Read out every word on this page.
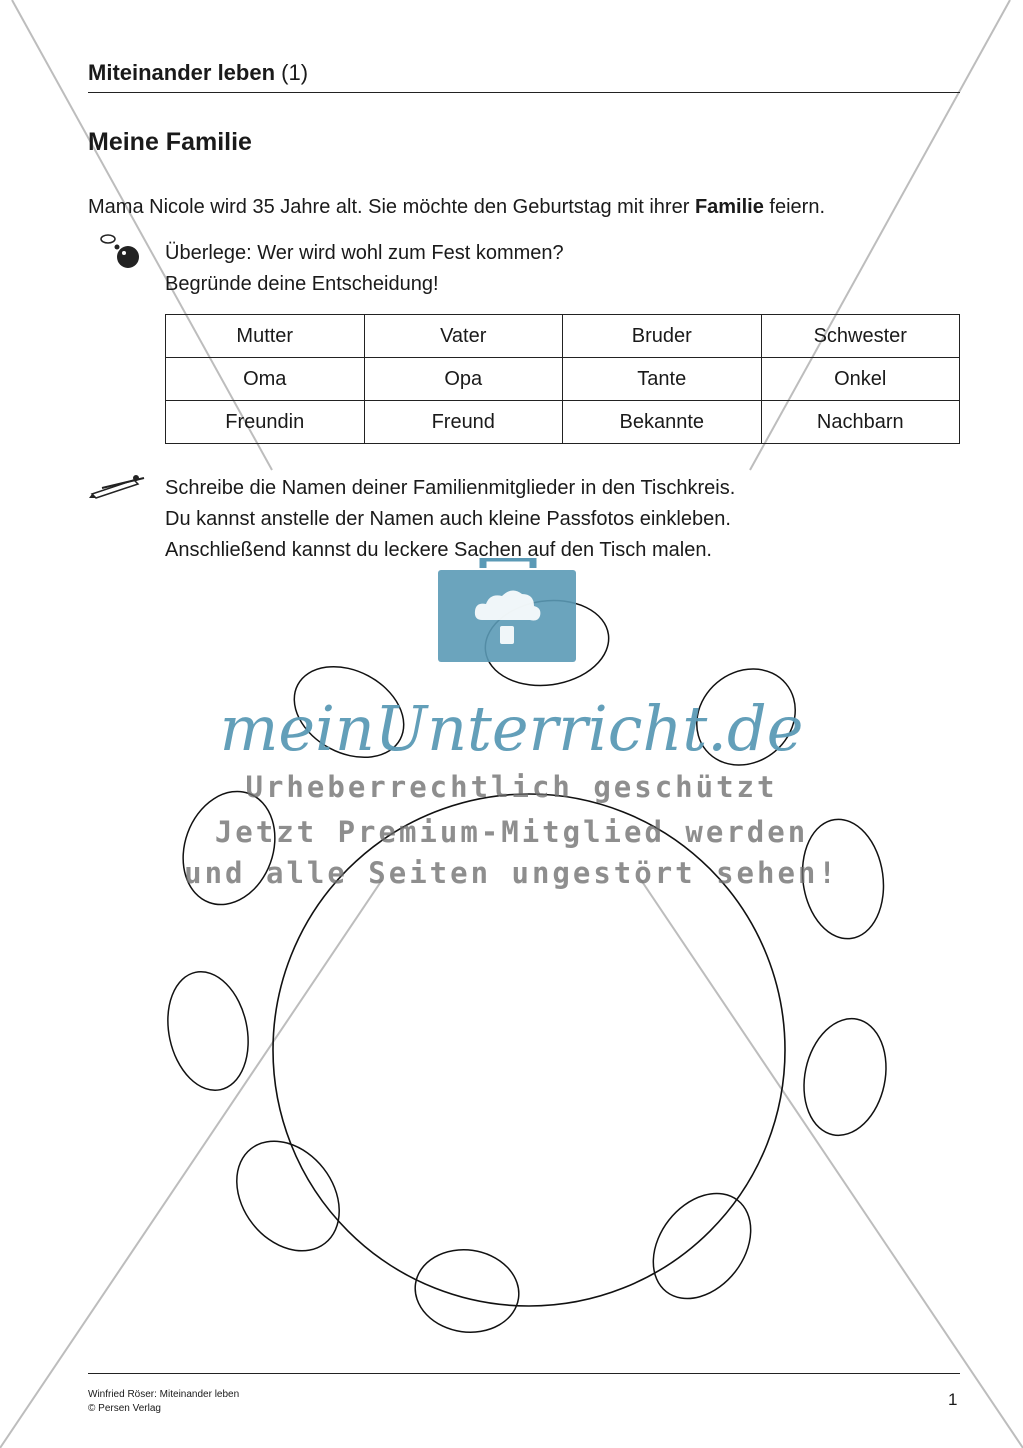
Miteinander leben (1)
Meine Familie
Mama Nicole wird 35 Jahre alt. Sie möchte den Geburtstag mit ihrer Familie feiern.
Überlege: Wer wird wohl zum Fest kommen?
Begründe deine Entscheidung!
Mutter	Vater	Bruder	Schwester
Oma	Opa	Tante	Onkel
Freundin	Freund	Bekannte	Nachbarn
Schreibe die Namen deiner Familienmitglieder in den Tischkreis.
Du kannst anstelle der Namen auch kleine Passfotos einkleben.
Anschließend kannst du leckere Sachen auf den Tisch malen.
meinUnterricht.de
Urheberrechtlich geschützt
Jetzt Premium-Mitglied werden
und alle Seiten ungestört sehen!
Winfried Röser: Miteinander leben
© Persen Verlag	1
